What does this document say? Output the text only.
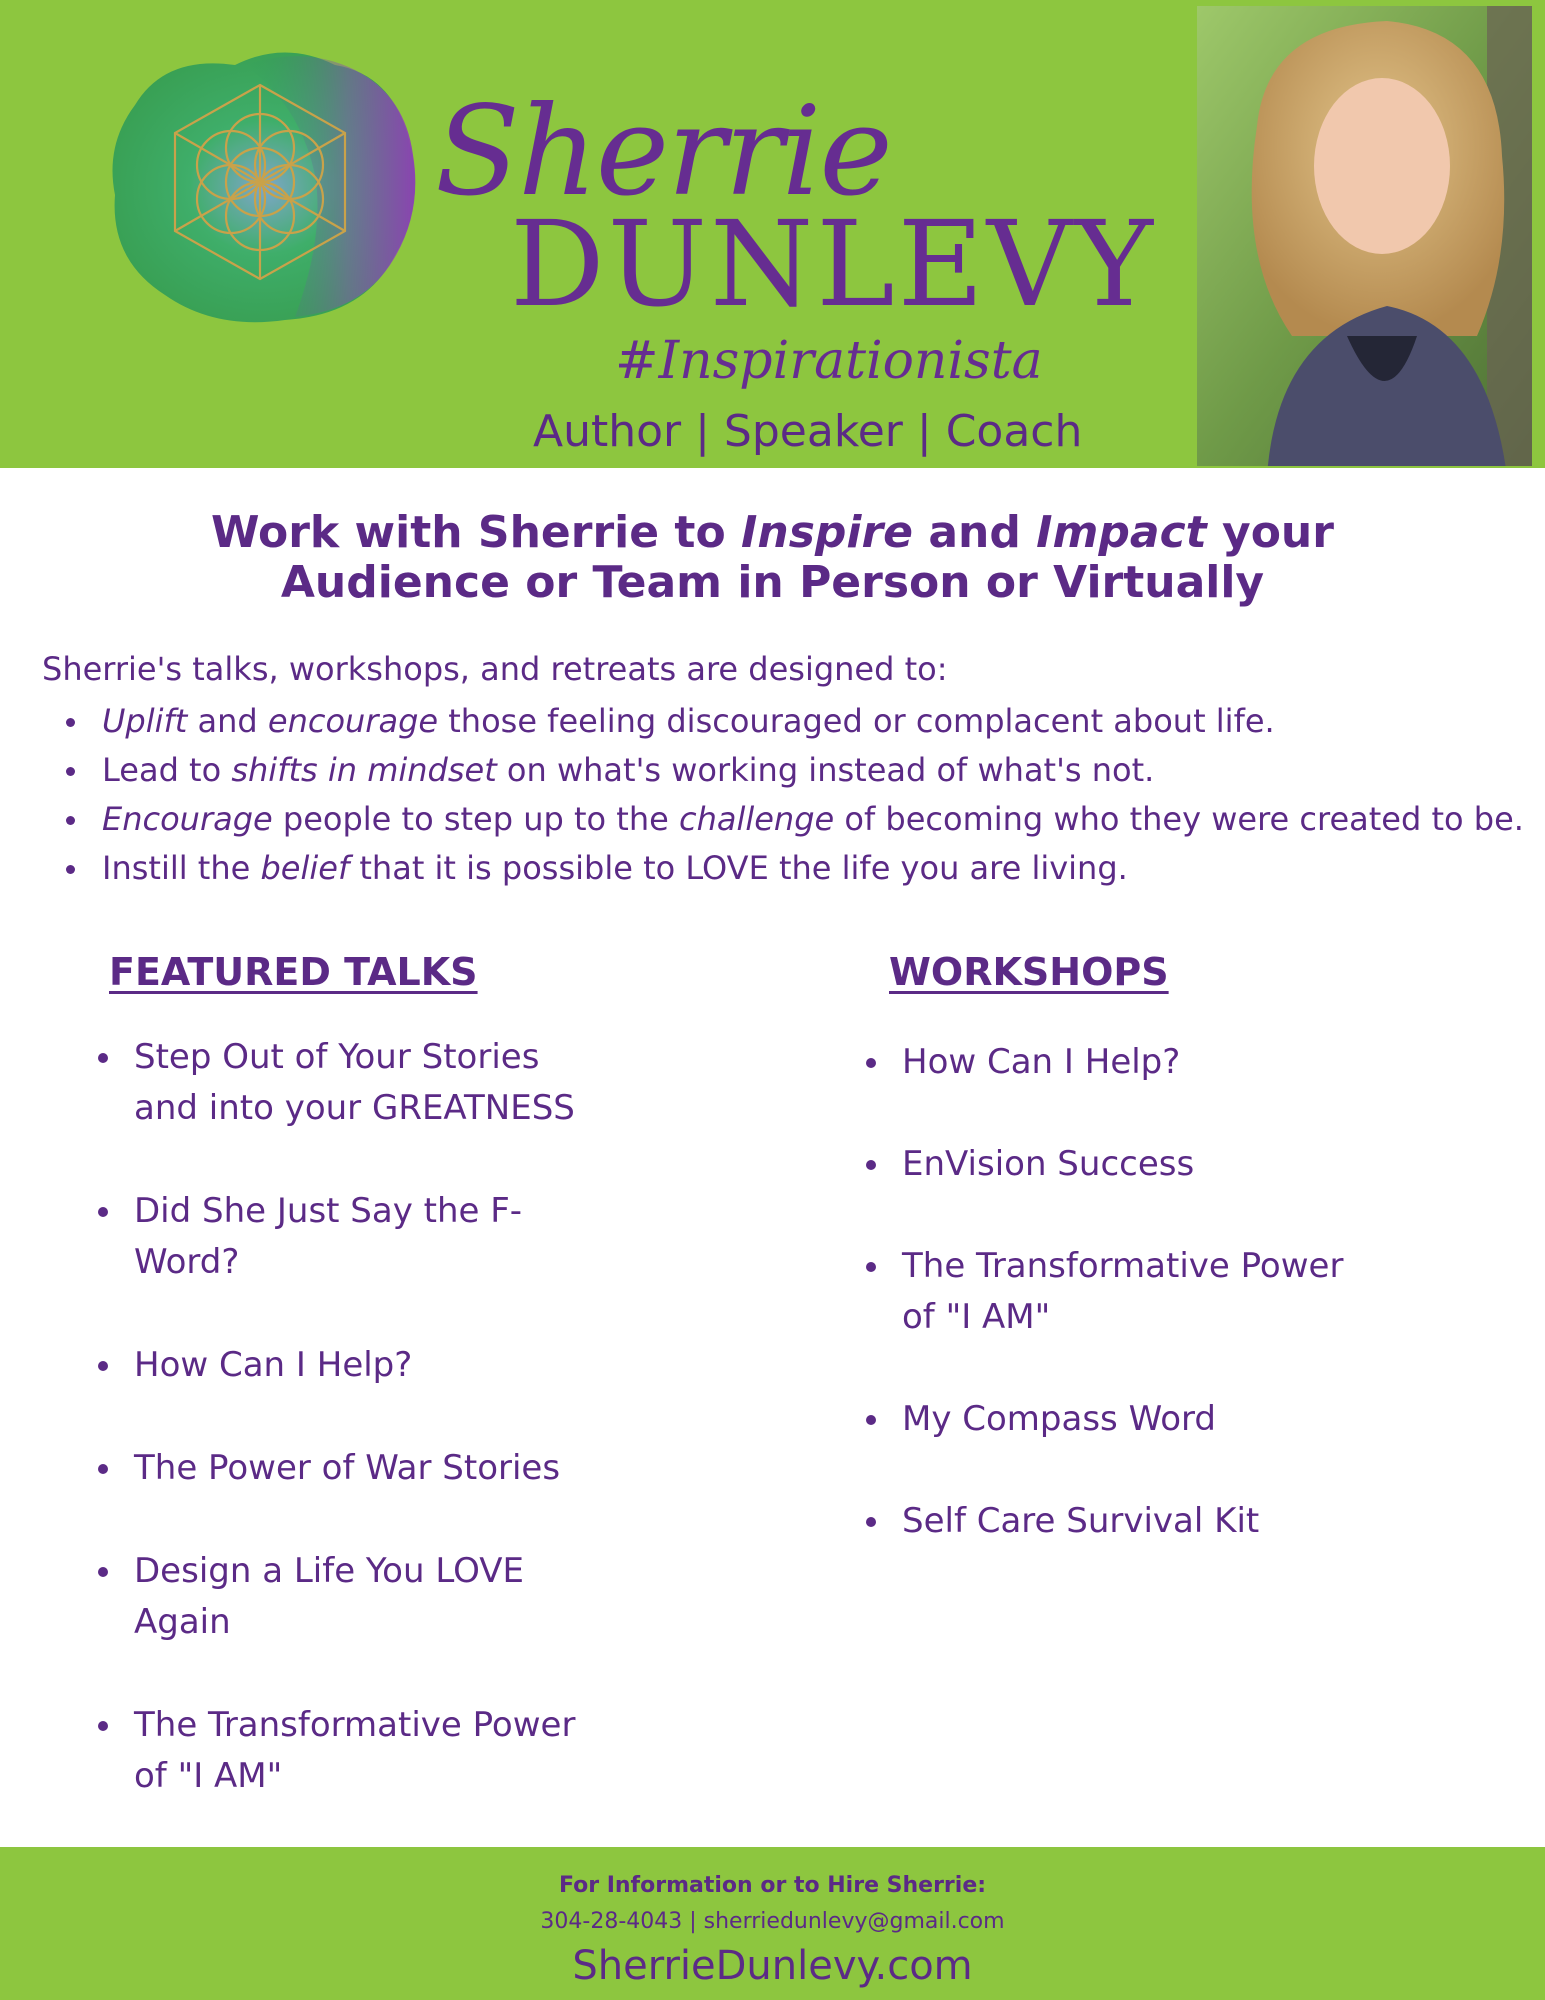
Sherrie
DUNLEVY
#Inspirationista
Author | Speaker | Coach
Work with Sherrie to Inspire and Impact your
Audience or Team in Person or Virtually
Sherrie's talks, workshops, and retreats are designed to:
Uplift and encourage those feeling discouraged or complacent about life.
Lead to shifts in mindset on what's working instead of what's not.
Encourage people to step up to the challenge of becoming who they were created to be.
Instill the belief that it is possible to LOVE the life you are living.
FEATURED TALKS
Step Out of Your Stories
and into your GREATNESS
Did She Just Say the F-
Word?
How Can I Help?
The Power of War Stories
Design a Life You LOVE
Again
The Transformative Power
of "I AM"
WORKSHOPS
How Can I Help?
EnVision Success
The Transformative Power
of "I AM"
My Compass Word
Self Care Survival Kit
For Information or to Hire Sherrie:
304-28-4043 | sherriedunlevy@gmail.com
SherrieDunlevy.com
